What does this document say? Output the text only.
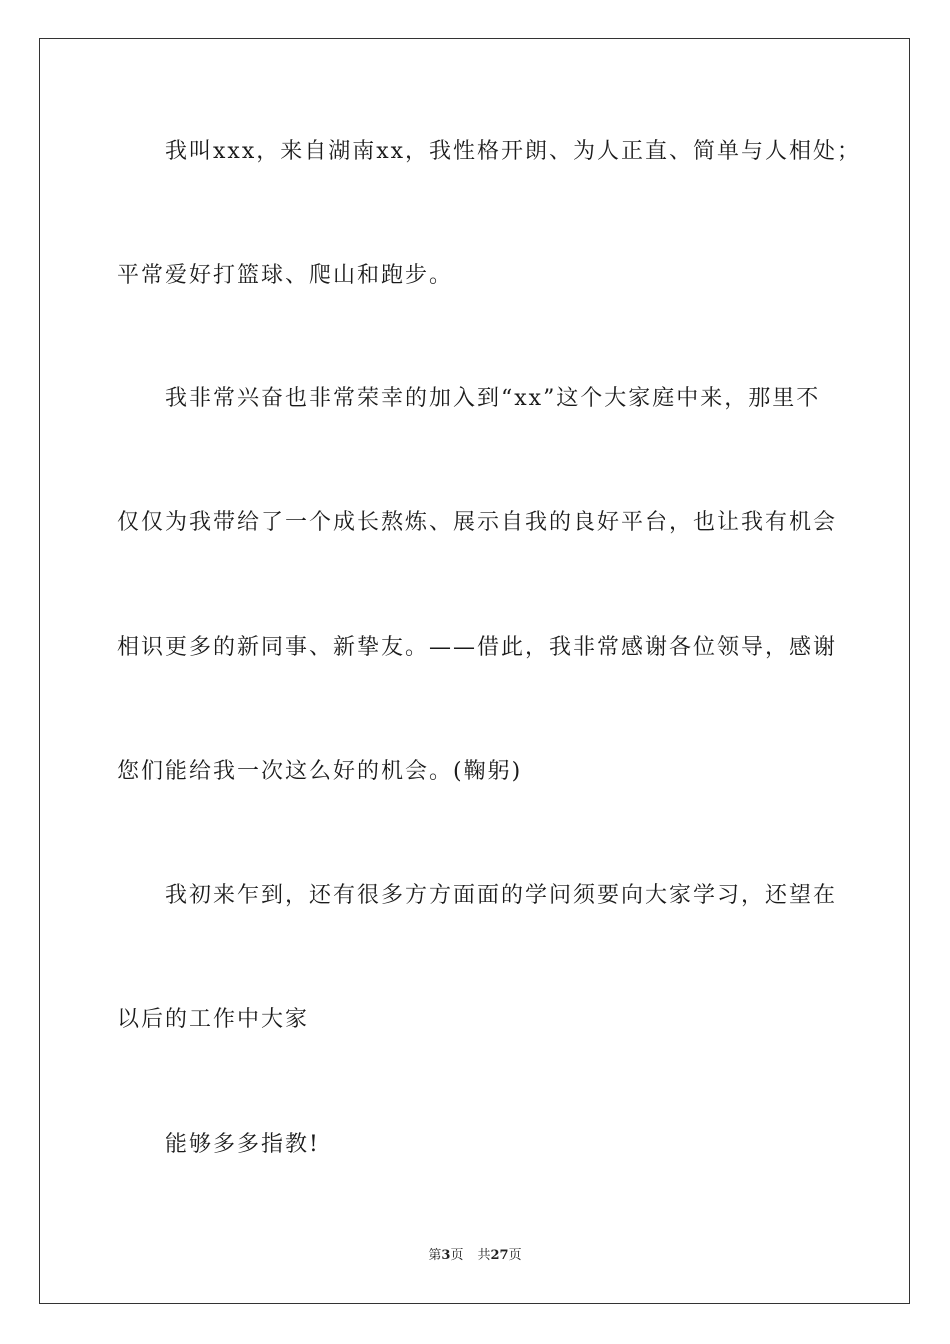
我叫xxx，来自湖南xx，我性格开朗、为人正直、简单与人相处；
平常爱好打篮球、爬山和跑步。
我非常兴奋也非常荣幸的加入到“xx”这个大家庭中来，那里不
仅仅为我带给了一个成长熬炼、展示自我的良好平台，也让我有机会
相识更多的新同事、新挚友。——借此，我非常感谢各位领导，感谢
您们能给我一次这么好的机会。(鞠躬)
我初来乍到，还有很多方方面面的学问须要向大家学习，还望在
以后的工作中大家
能够多多指教!
第3页 共27页
